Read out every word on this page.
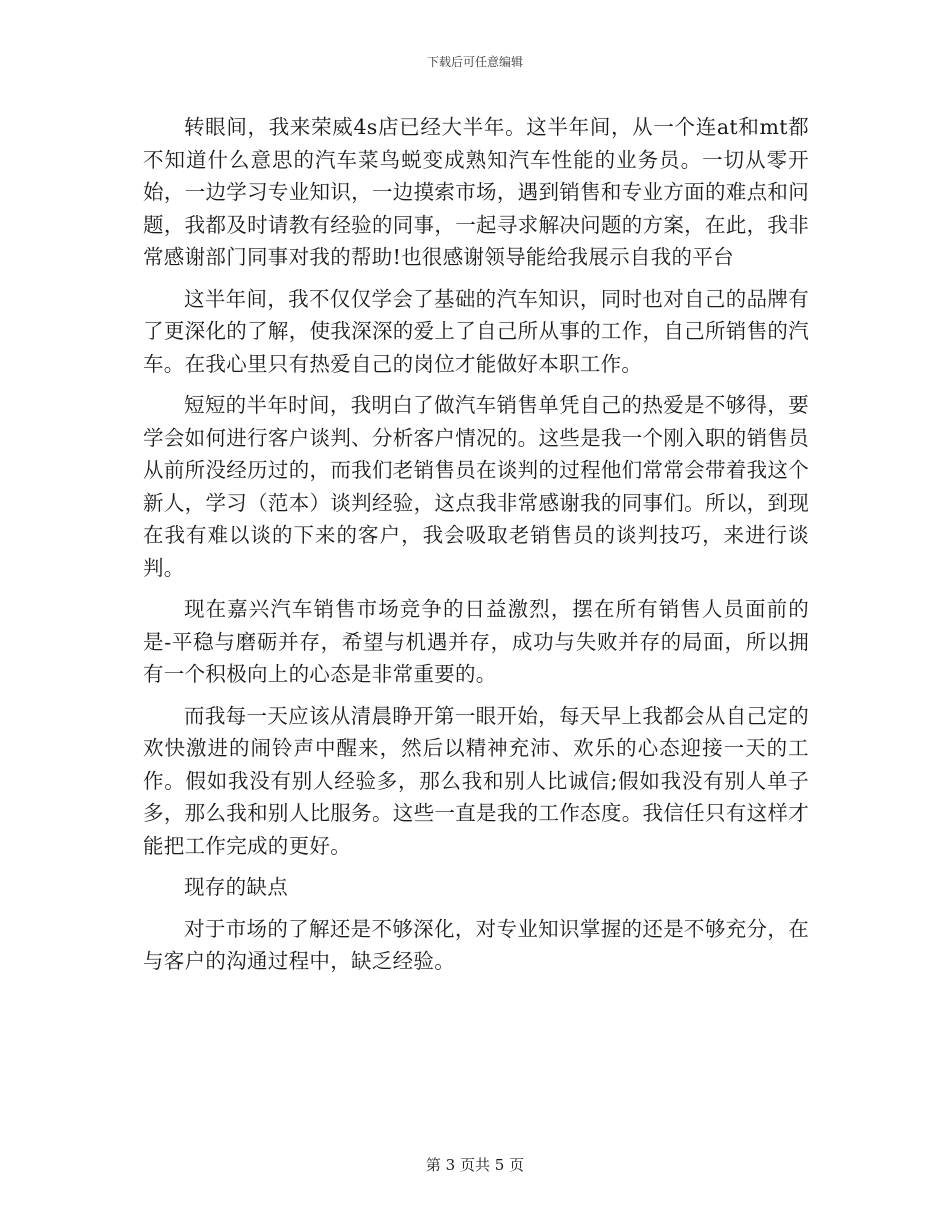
下载后可任意编辑

转眼间，我来荣威4s店已经大半年。这半年间，从一个连at和mt都不知道什么意思的汽车菜鸟蜕变成熟知汽车性能的业务员。一切从零开始，一边学习专业知识，一边摸索市场，遇到销售和专业方面的难点和问题，我都及时请教有经验的同事，一起寻求解决问题的方案，在此，我非常感谢部门同事对我的帮助!也很感谢领导能给我展示自我的平台

这半年间，我不仅仅学会了基础的汽车知识，同时也对自己的品牌有了更深化的了解，使我深深的爱上了自己所从事的工作，自己所销售的汽车。在我心里只有热爱自己的岗位才能做好本职工作。

短短的半年时间，我明白了做汽车销售单凭自己的热爱是不够得，要学会如何进行客户谈判、分析客户情况的。这些是我一个刚入职的销售员从前所没经历过的，而我们老销售员在谈判的过程他们常常会带着我这个新人，学习（范本）谈判经验，这点我非常感谢我的同事们。所以，到现在我有难以谈的下来的客户，我会吸取老销售员的谈判技巧，来进行谈判。

现在嘉兴汽车销售市场竞争的日益激烈，摆在所有销售人员面前的是-平稳与磨砺并存，希望与机遇并存，成功与失败并存的局面，所以拥有一个积极向上的心态是非常重要的。

而我每一天应该从清晨睁开第一眼开始，每天早上我都会从自己定的欢快激进的闹铃声中醒来，然后以精神充沛、欢乐的心态迎接一天的工作。假如我没有别人经验多，那么我和别人比诚信;假如我没有别人单子多，那么我和别人比服务。这些一直是我的工作态度。我信任只有这样才能把工作完成的更好。

现存的缺点

对于市场的了解还是不够深化，对专业知识掌握的还是不够充分，在与客户的沟通过程中，缺乏经验。

第 3 页共 5 页
